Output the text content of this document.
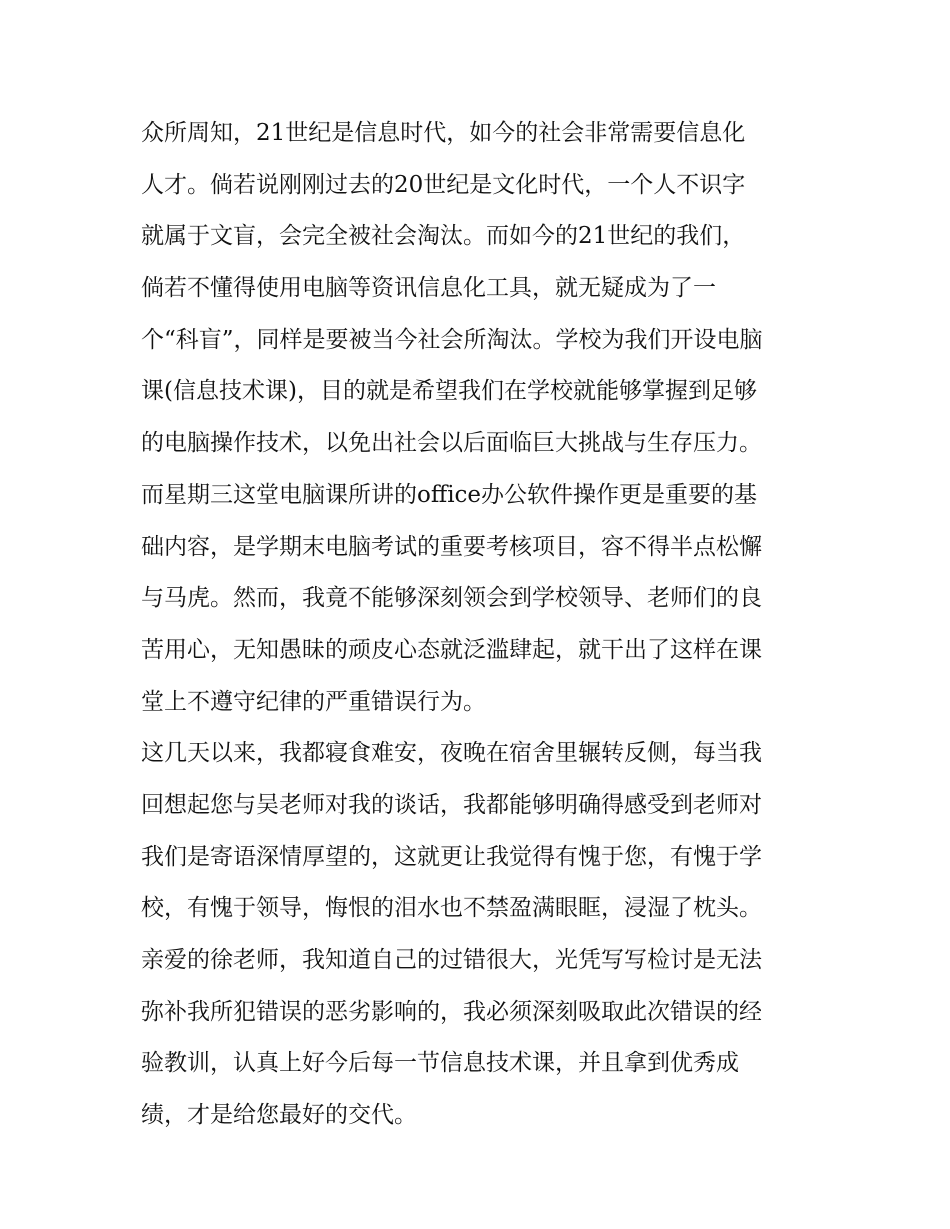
众所周知，21世纪是信息时代，如今的社会非常需要信息化
人才。倘若说刚刚过去的20世纪是文化时代，一个人不识字
就属于文盲，会完全被社会淘汰。而如今的21世纪的我们，
倘若不懂得使用电脑等资讯信息化工具，就无疑成为了一
个“科盲”，同样是要被当今社会所淘汰。学校为我们开设电脑
课(信息技术课)，目的就是希望我们在学校就能够掌握到足够
的电脑操作技术，以免出社会以后面临巨大挑战与生存压力。
而星期三这堂电脑课所讲的office办公软件操作更是重要的基
础内容，是学期末电脑考试的重要考核项目，容不得半点松懈
与马虎。然而，我竟不能够深刻领会到学校领导、老师们的良
苦用心，无知愚昧的顽皮心态就泛滥肆起，就干出了这样在课
堂上不遵守纪律的严重错误行为。
这几天以来，我都寝食难安，夜晚在宿舍里辗转反侧，每当我
回想起您与吴老师对我的谈话，我都能够明确得感受到老师对
我们是寄语深情厚望的，这就更让我觉得有愧于您，有愧于学
校，有愧于领导，悔恨的泪水也不禁盈满眼眶，浸湿了枕头。
亲爱的徐老师，我知道自己的过错很大，光凭写写检讨是无法
弥补我所犯错误的恶劣影响的，我必须深刻吸取此次错误的经
验教训，认真上好今后每一节信息技术课，并且拿到优秀成
绩，才是给您最好的交代。
